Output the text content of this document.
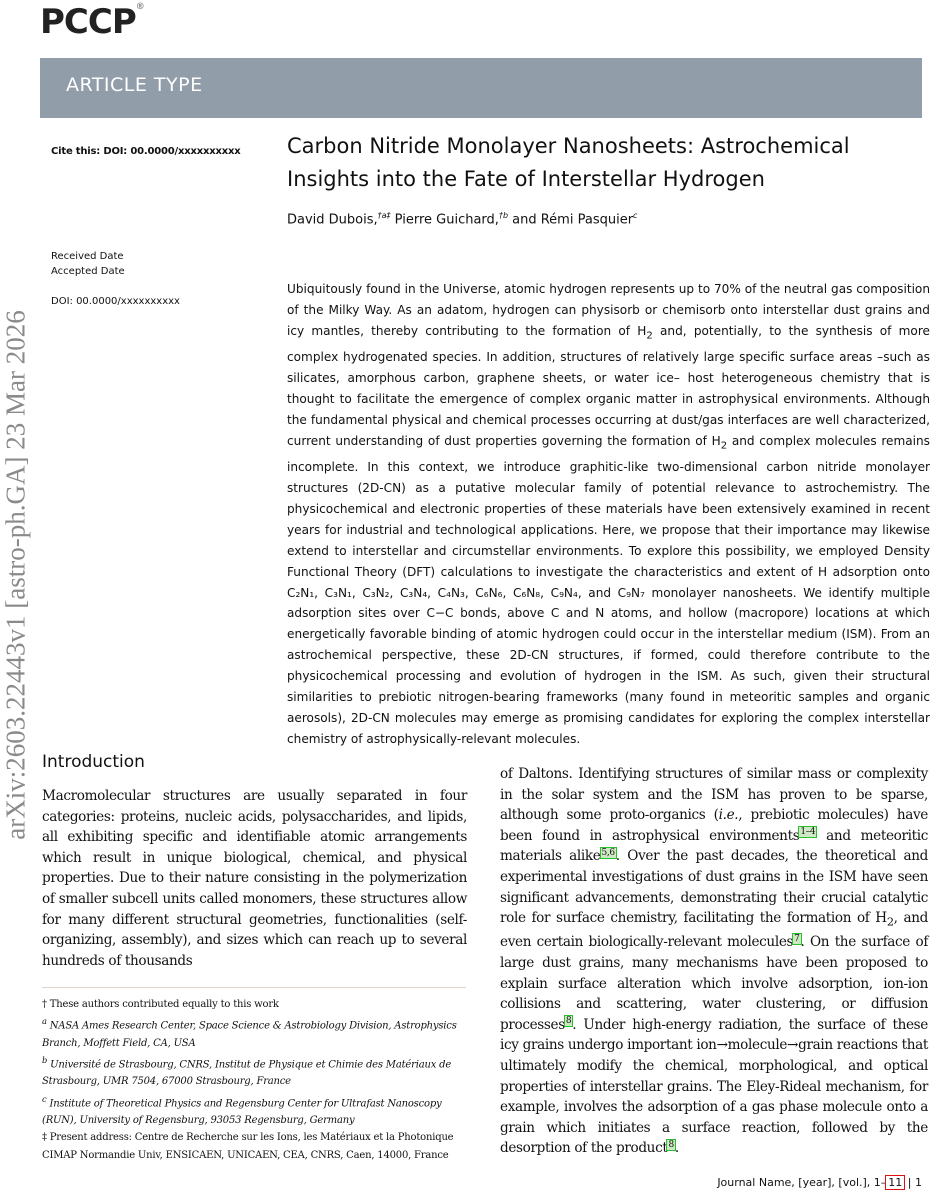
arXiv:2603.22443v1 [astro-ph.GA] 23 Mar 2026
PCCP®
ARTICLE TYPE
Cite this: DOI: 00.0000/xxxxxxxxxx
Received Date
Accepted Date
DOI: 00.0000/xxxxxxxxxx
Carbon Nitride Monolayer Nanosheets: Astrochemical
Insights into the Fate of Interstellar Hydrogen
David Dubois,$^{\dagger a\ddagger}$ Pierre Guichard,$^{\dagger b}$ and Rémi Pasquier$^c$
Ubiquitously found in the Universe, atomic hydrogen represents up to 70% of the neutral gas composition of the Milky Way. As an adatom, hydrogen can physisorb or chemisorb onto interstellar dust grains and icy mantles, thereby contributing to the formation of $H_2$ and, potentially, to the synthesis of more complex hydrogenated species. In addition, structures of relatively large specific surface areas –such as silicates, amorphous carbon, graphene sheets, or water ice– host heterogeneous chemistry that is thought to facilitate the emergence of complex organic matter in astrophysical environments. Although the fundamental physical and chemical processes occurring at dust/gas interfaces are well characterized, current understanding of dust properties governing the formation of $H_2$ and complex molecules remains incomplete. In this context, we introduce graphitic-like two-dimensional carbon nitride monolayer structures (2D-CN) as a putative molecular family of potential relevance to astrochemistry. The physicochemical and electronic properties of these materials have been extensively examined in recent years for industrial and technological applications. Here, we propose that their importance may likewise extend to interstellar and circumstellar environments. To explore this possibility, we employed Density Functional Theory (DFT) calculations to investigate the characteristics and extent of H adsorption onto C₂N₁, C₃N₁, C₃N₂, C₃N₄, C₄N₃, C₆N₆, C₆N₈, C₉N₄, and C₉N₇ monolayer nanosheets. We identify multiple adsorption sites over C−C bonds, above C and N atoms, and hollow (macropore) locations at which energetically favorable binding of atomic hydrogen could occur in the interstellar medium (ISM). From an astrochemical perspective, these 2D-CN structures, if formed, could therefore contribute to the physicochemical processing and evolution of hydrogen in the ISM. As such, given their structural similarities to prebiotic nitrogen-bearing frameworks (many found in meteoritic samples and organic aerosols), 2D-CN molecules may emerge as promising candidates for exploring the complex interstellar chemistry of astrophysically-relevant molecules.
Introduction
Macromolecular structures are usually separated in four categories: proteins, nucleic acids, polysaccharides, and lipids, all exhibiting specific and identifiable atomic arrangements which result in unique biological, chemical, and physical properties. Due to their nature consisting in the polymerization of smaller subcell units called monomers, these structures allow for many different structural geometries, functionalities (self-organizing, assembly), and sizes which can reach up to several hundreds of thousands
of Daltons. Identifying structures of similar mass or complexity in the solar system and the ISM has proven to be sparse, although some proto-organics (i.e., prebiotic molecules) have been found in astrophysical environments$^{1-4}$ and meteoritic materials alike$^{5,6}$. Over the past decades, the theoretical and experimental investigations of dust grains in the ISM have seen significant advancements, demonstrating their crucial catalytic role for surface chemistry, facilitating the formation of $H_2$, and even certain biologically-relevant molecules$^7$. On the surface of large dust grains, many mechanisms have been proposed to explain surface alteration which involve adsorption, ion-ion collisions and scattering, water clustering, or diffusion processes$^8$. Under high-energy radiation, the surface of these icy grains undergo important ion→molecule→grain reactions that ultimately modify the chemical, morphological, and optical properties of interstellar grains. The Eley-Rideal mechanism, for example, involves the adsorption of a gas phase molecule onto a grain which initiates a surface reaction, followed by the desorption of the product$^8$.

† These authors contributed equally to this work

$^a$ NASA Ames Research Center, Space Science & Astrobiology Division, Astrophysics Branch, Moffett Field, CA, USA

$^b$ Université de Strasbourg, CNRS, Institut de Physique et Chimie des Matériaux de Strasbourg, UMR 7504, 67000 Strasbourg, France

$^c$ Institute of Theoretical Physics and Regensburg Center for Ultrafast Nanoscopy (RUN), University of Regensburg, 93053 Regensburg, Germany

‡ Present address: Centre de Recherche sur les Ions, les Matériaux et la Photonique CIMAP Normandie Univ, ENSICAEN, UNICAEN, CEA, CNRS, Caen, 14000, France

Journal Name, [year], [vol.], 1– 11 | 1
